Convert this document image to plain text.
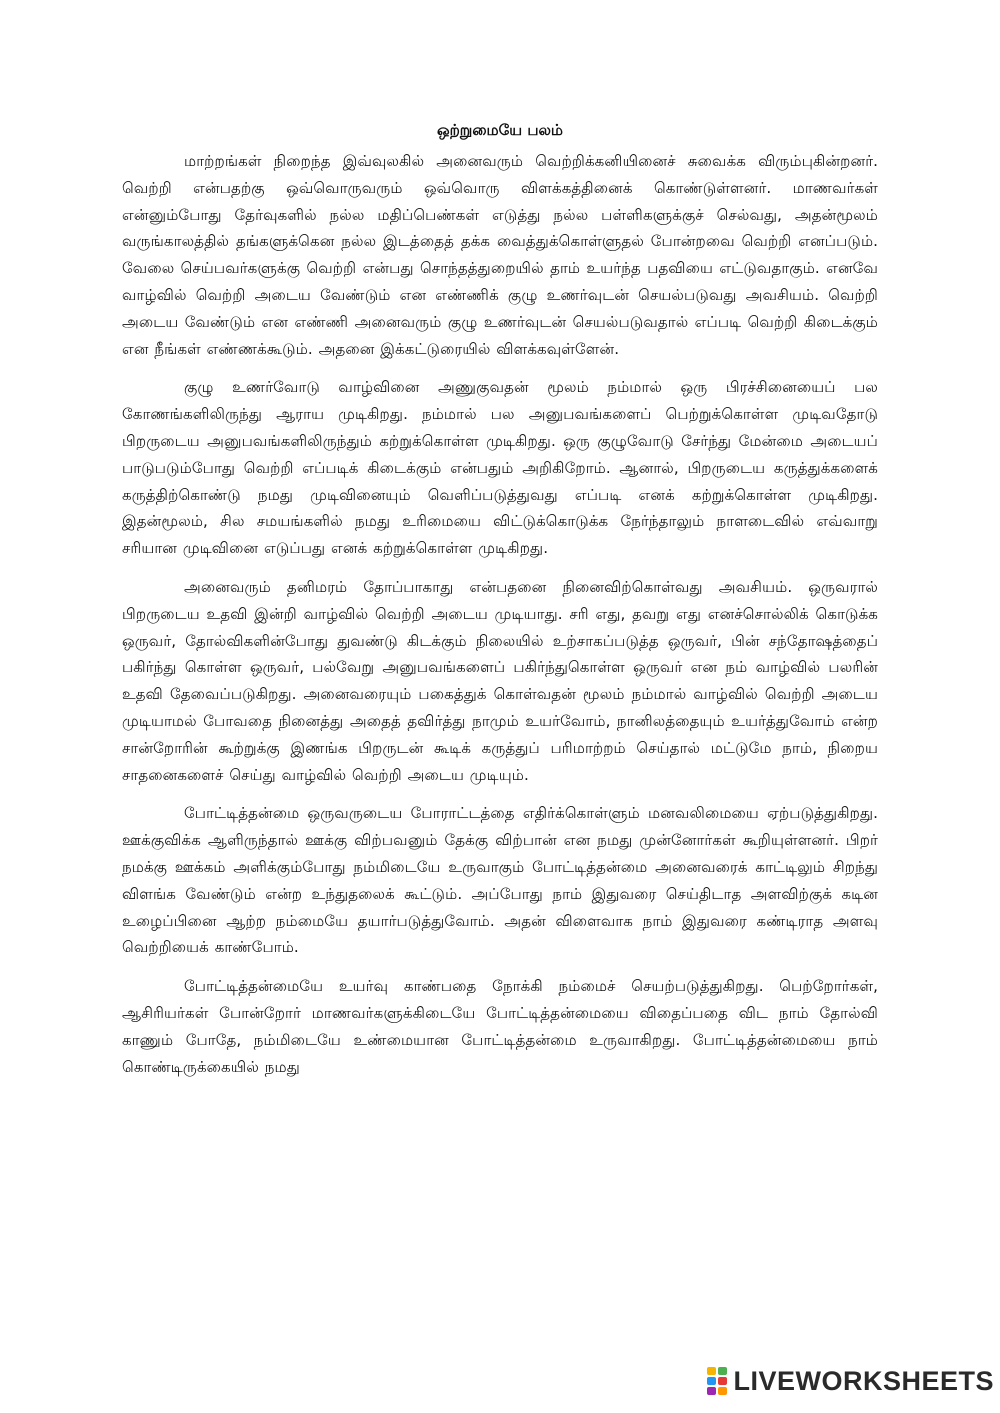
ஒற்றுமையே பலம்

மாற்றங்கள் நிறைந்த இவ்வுலகில் அனைவரும் வெற்றிக்கனியினைச் சுவைக்க விரும்புகின்றனர். வெற்றி என்பதற்கு ஒவ்வொருவரும் ஒவ்வொரு விளக்கத்தினைக் கொண்டுள்ளனர். மாணவர்கள் என்னும்போது தேர்வுகளில் நல்ல மதிப்பெண்கள் எடுத்து நல்ல பள்ளிகளுக்குச் செல்வது, அதன்மூலம் வருங்காலத்தில் தங்களுக்கென நல்ல இடத்தைத் தக்க வைத்துக்கொள்ளுதல் போன்றவை வெற்றி எனப்படும். வேலை செய்பவர்களுக்கு வெற்றி என்பது சொந்தத்துறையில் தாம் உயர்ந்த பதவியை எட்டுவதாகும். எனவே வாழ்வில் வெற்றி அடைய வேண்டும் என எண்ணிக் குழு உணர்வுடன் செயல்படுவது அவசியம். வெற்றி அடைய வேண்டும் என எண்ணி அனைவரும் குழு உணர்வுடன் செயல்படுவதால் எப்படி வெற்றி கிடைக்கும் என நீங்கள் எண்ணக்கூடும். அதனை இக்கட்டுரையில் விளக்கவுள்ளேன்.

குழு உணர்வோடு வாழ்வினை அணுகுவதன் மூலம் நம்மால் ஒரு பிரச்சினையைப் பல கோணங்களிலிருந்து ஆராய முடிகிறது. நம்மால் பல அனுபவங்களைப் பெற்றுக்கொள்ள முடிவதோடு பிறருடைய அனுபவங்களிலிருந்தும் கற்றுக்கொள்ள முடிகிறது. ஒரு குழுவோடு சேர்ந்து மேன்மை அடையப் பாடுபடும்போது வெற்றி எப்படிக் கிடைக்கும் என்பதும் அறிகிறோம். ஆனால், பிறருடைய கருத்துக்களைக் கருத்திற்கொண்டு நமது முடிவினையும் வெளிப்படுத்துவது எப்படி எனக் கற்றுக்கொள்ள முடிகிறது. இதன்மூலம், சில சமயங்களில் நமது உரிமையை விட்டுக்கொடுக்க நேர்ந்தாலும் நாளடைவில் எவ்வாறு சரியான முடிவினை எடுப்பது எனக் கற்றுக்கொள்ள முடிகிறது.

அனைவரும் தனிமரம் தோப்பாகாது என்பதனை நினைவிற்கொள்வது அவசியம். ஒருவரால் பிறருடைய உதவி இன்றி வாழ்வில் வெற்றி அடைய முடியாது. சரி எது, தவறு எது எனச்சொல்லிக் கொடுக்க ஒருவர், தோல்விகளின்போது துவண்டு கிடக்கும் நிலையில் உற்சாகப்படுத்த ஒருவர், பின் சந்தோஷத்தைப் பகிர்ந்து கொள்ள ஒருவர், பல்வேறு அனுபவங்களைப் பகிர்ந்துகொள்ள ஒருவர் என நம் வாழ்வில் பலரின் உதவி தேவைப்படுகிறது. அனைவரையும் பகைத்துக் கொள்வதன் மூலம் நம்மால் வாழ்வில் வெற்றி அடைய முடியாமல் போவதை நினைத்து அதைத் தவிர்த்து நாமும் உயர்வோம், நானிலத்தையும் உயர்த்துவோம் என்ற சான்றோரின் கூற்றுக்கு இணங்க பிறருடன் கூடிக் கருத்துப் பரிமாற்றம் செய்தால் மட்டுமே நாம், நிறைய சாதனைகளைச் செய்து வாழ்வில் வெற்றி அடைய முடியும்.

போட்டித்தன்மை ஒருவருடைய போராட்டத்தை எதிர்க்கொள்ளும் மனவலிமையை ஏற்படுத்துகிறது. ஊக்குவிக்க ஆளிருந்தால் ஊக்கு விற்பவனும் தேக்கு விற்பான் என நமது முன்னோர்கள் கூறியுள்ளனர். பிறர் நமக்கு ஊக்கம் அளிக்கும்போது நம்மிடையே உருவாகும் போட்டித்தன்மை அனைவரைக் காட்டிலும் சிறந்து விளங்க வேண்டும் என்ற உந்துதலைக் கூட்டும். அப்போது நாம் இதுவரை செய்திடாத அளவிற்குக் கடின உழைப்பினை ஆற்ற நம்மையே தயார்படுத்துவோம். அதன் விளைவாக நாம் இதுவரை கண்டிராத அளவு வெற்றியைக் காண்போம்.

போட்டித்தன்மையே உயர்வு காண்பதை நோக்கி நம்மைச் செயற்படுத்துகிறது. பெற்றோர்கள், ஆசிரியர்கள் போன்றோர் மாணவர்களுக்கிடையே போட்டித்தன்மையை விதைப்பதை விட நாம் தோல்வி காணும் போதே, நம்மிடையே உண்மையான போட்டித்தன்மை உருவாகிறது. போட்டித்தன்மையை நாம் கொண்டிருக்கையில் நமது

LIVEWORKSHEETS
